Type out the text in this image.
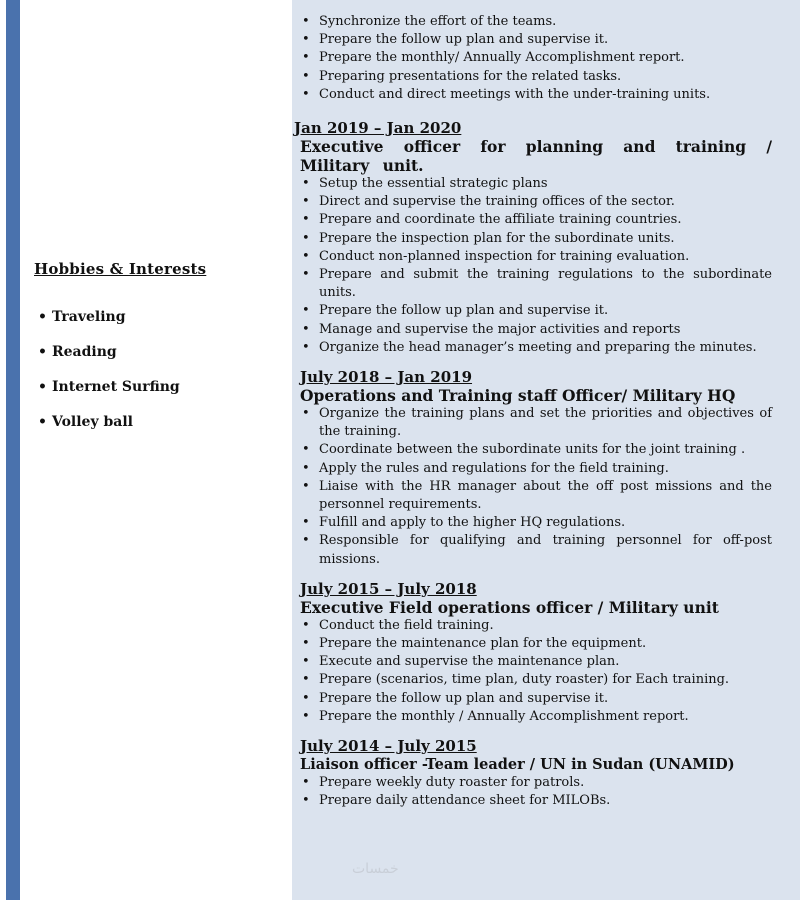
Hobbies & Interests
• Traveling
• Reading
• Internet Surfing
• Volley ball
• Synchronize the effort of the teams.
• Prepare the follow up plan and supervise it.
• Prepare the monthly/ Annually Accomplishment report.
• Preparing presentations for the related tasks.
• Conduct and direct meetings with the under-training units.
Jan 2019 – Jan 2020
Executive officer for planning and training / Military unit.
• Setup the essential strategic plans
• Direct and supervise the training offices of the sector.
• Prepare and coordinate the affiliate training countries.
• Prepare the inspection plan for the subordinate units.
• Conduct non-planned inspection for training evaluation.
• Prepare and submit the training regulations to the subordinate units.
• Prepare the follow up plan and supervise it.
• Manage and supervise the major activities and reports
• Organize the head manager’s meeting and preparing the minutes.
July 2018 – Jan 2019
Operations and Training staff Officer/ Military HQ
• Organize the training plans and set the priorities and objectives of the training.
• Coordinate between the subordinate units for the joint training .
• Apply the rules and regulations for the field training.
• Liaise with the HR manager about the off post missions and the personnel requirements.
• Fulfill and apply to the higher HQ regulations.
• Responsible for qualifying and training personnel for off-post missions.
July 2015 – July 2018
Executive Field operations officer / Military unit
• Conduct the field training.
• Prepare the maintenance plan for the equipment.
• Execute and supervise the maintenance plan.
• Prepare (scenarios, time plan, duty roaster) for Each training.
• Prepare the follow up plan and supervise it.
• Prepare the monthly / Annually Accomplishment report.
July 2014 – July 2015
Liaison officer -Team leader / UN in Sudan (UNAMID)
• Prepare weekly duty roaster for patrols.
• Prepare daily attendance sheet for MILOBs.
خمسات
